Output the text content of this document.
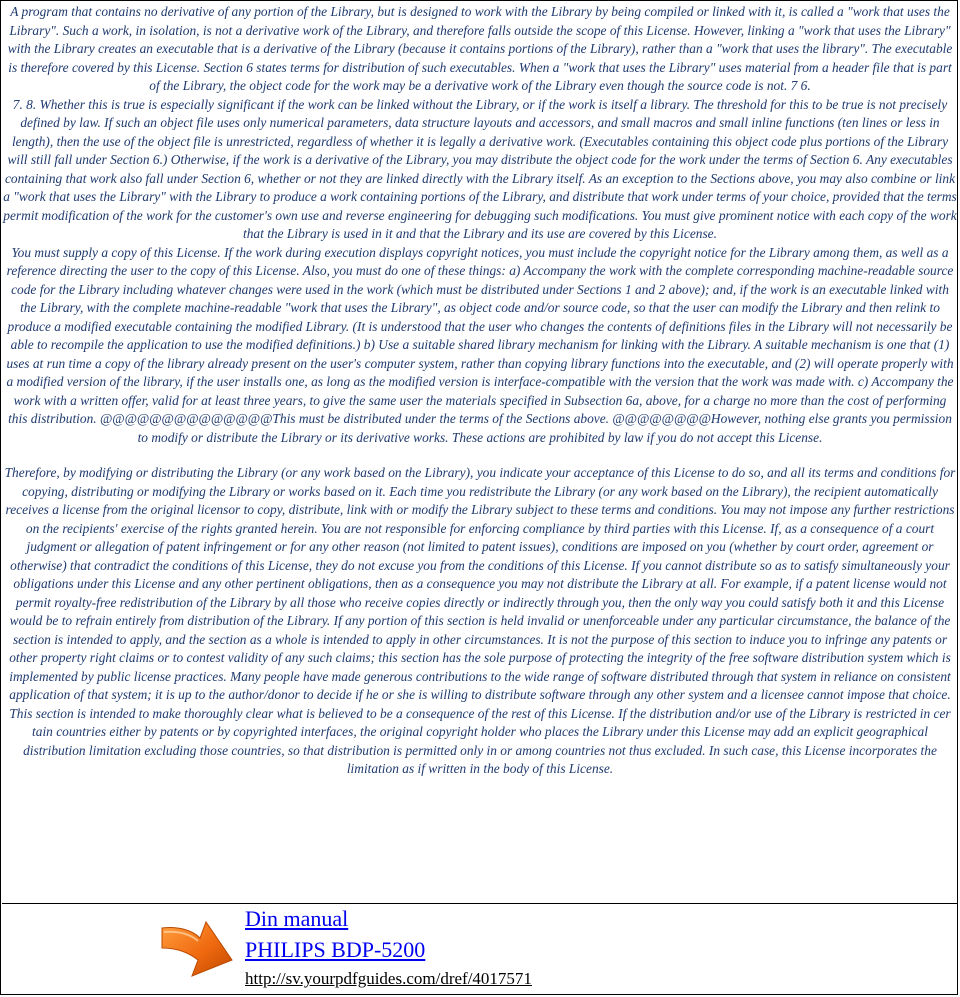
A program that contains no derivative of any portion of the Library, but is designed to work with the Library by being compiled or linked with it, is called a "work that uses the Library". Such a work, in isolation, is not a derivative work of the Library, and therefore falls outside the scope of this License. However, linking a "work that uses the Library" with the Library creates an executable that is a derivative of the Library (because it contains portions of the Library), rather than a "work that uses the library". The executable is therefore covered by this License. Section 6 states terms for distribution of such executables. When a "work that uses the Library" uses material from a header file that is part of the Library, the object code for the work may be a derivative work of the Library even though the source code is not. 7 6.

7. 8. Whether this is true is especially significant if the work can be linked without the Library, or if the work is itself a library. The threshold for this to be true is not precisely defined by law. If such an object file uses only numerical parameters, data structure layouts and accessors, and small macros and small inline functions (ten lines or less in length), then the use of the object file is unrestricted, regardless of whether it is legally a derivative work. (Executables containing this object code plus portions of the Library will still fall under Section 6.) Otherwise, if the work is a derivative of the Library, you may distribute the object code for the work under the terms of Section 6. Any executables containing that work also fall under Section 6, whether or not they are linked directly with the Library itself. As an exception to the Sections above, you may also combine or link a "work that uses the Library" with the Library to produce a work containing portions of the Library, and distribute that work under terms of your choice, provided that the terms permit modification of the work for the customer's own use and reverse engineering for debugging such modifications. You must give prominent notice with each copy of the work that the Library is used in it and that the Library and its use are covered by this License.

You must supply a copy of this License. If the work during execution displays copyright notices, you must include the copyright notice for the Library among them, as well as a reference directing the user to the copy of this License. Also, you must do one of these things: a) Accompany the work with the complete corresponding machine-readable source code for the Library including whatever changes were used in the work (which must be distributed under Sections 1 and 2 above); and, if the work is an executable linked with the Library, with the complete machine-readable "work that uses the Library", as object code and/or source code, so that the user can modify the Library and then relink to produce a modified executable containing the modified Library. (It is understood that the user who changes the contents of definitions files in the Library will not necessarily be able to recompile the application to use the modified definitions.) b) Use a suitable shared library mechanism for linking with the Library. A suitable mechanism is one that (1) uses at run time a copy of the library already present on the user's computer system, rather than copying library functions into the executable, and (2) will operate properly with a modified version of the library, if the user installs one, as long as the modified version is interface-compatible with the version that the work was made with. c) Accompany the work with a written offer, valid for at least three years, to give the same user the materials specified in Subsection 6a, above, for a charge no more than the cost of performing this distribution. @@@@@@@@@@@@@@This must be distributed under the terms of the Sections above. @@@@@@@@However, nothing else grants you permission to modify or distribute the Library or its derivative works. These actions are prohibited by law if you do not accept this License.

Therefore, by modifying or distributing the Library (or any work based on the Library), you indicate your acceptance of this License to do so, and all its terms and conditions for copying, distributing or modifying the Library or works based on it. Each time you redistribute the Library (or any work based on the Library), the recipient automatically receives a license from the original licensor to copy, distribute, link with or modify the Library subject to these terms and conditions. You may not impose any further restrictions on the recipients' exercise of the rights granted herein. You are not responsible for enforcing compliance by third parties with this License. If, as a consequence of a court judgment or allegation of patent infringement or for any other reason (not limited to patent issues), conditions are imposed on you (whether by court order, agreement or otherwise) that contradict the conditions of this License, they do not excuse you from the conditions of this License. If you cannot distribute so as to satisfy simultaneously your obligations under this License and any other pertinent obligations, then as a consequence you may not distribute the Library at all. For example, if a patent license would not permit royalty-free redistribution of the Library by all those who receive copies directly or indirectly through you, then the only way you could satisfy both it and this License would be to refrain entirely from distribution of the Library. If any portion of this section is held invalid or unenforceable under any particular circumstance, the balance of the section is intended to apply, and the section as a whole is intended to apply in other circumstances. It is not the purpose of this section to induce you to infringe any patents or other property right claims or to contest validity of any such claims; this section has the sole purpose of protecting the integrity of the free software distribution system which is implemented by public license practices. Many people have made generous contributions to the wide range of software distributed through that system in reliance on consistent application of that system; it is up to the author/donor to decide if he or she is willing to distribute software through any other system and a licensee cannot impose that choice.

This section is intended to make thoroughly clear what is believed to be a consequence of the rest of this License. If the distribution and/or use of the Library is restricted in cer tain countries either by patents or by copyrighted interfaces, the original copyright holder who places the Library under this License may add an explicit geographical distribution limitation excluding those countries, so that distribution is permitted only in or among countries not thus excluded. In such case, this License incorporates the limitation as if written in the body of this License.

Din manual
PHILIPS BDP-5200
http://sv.yourpdfguides.com/dref/4017571
